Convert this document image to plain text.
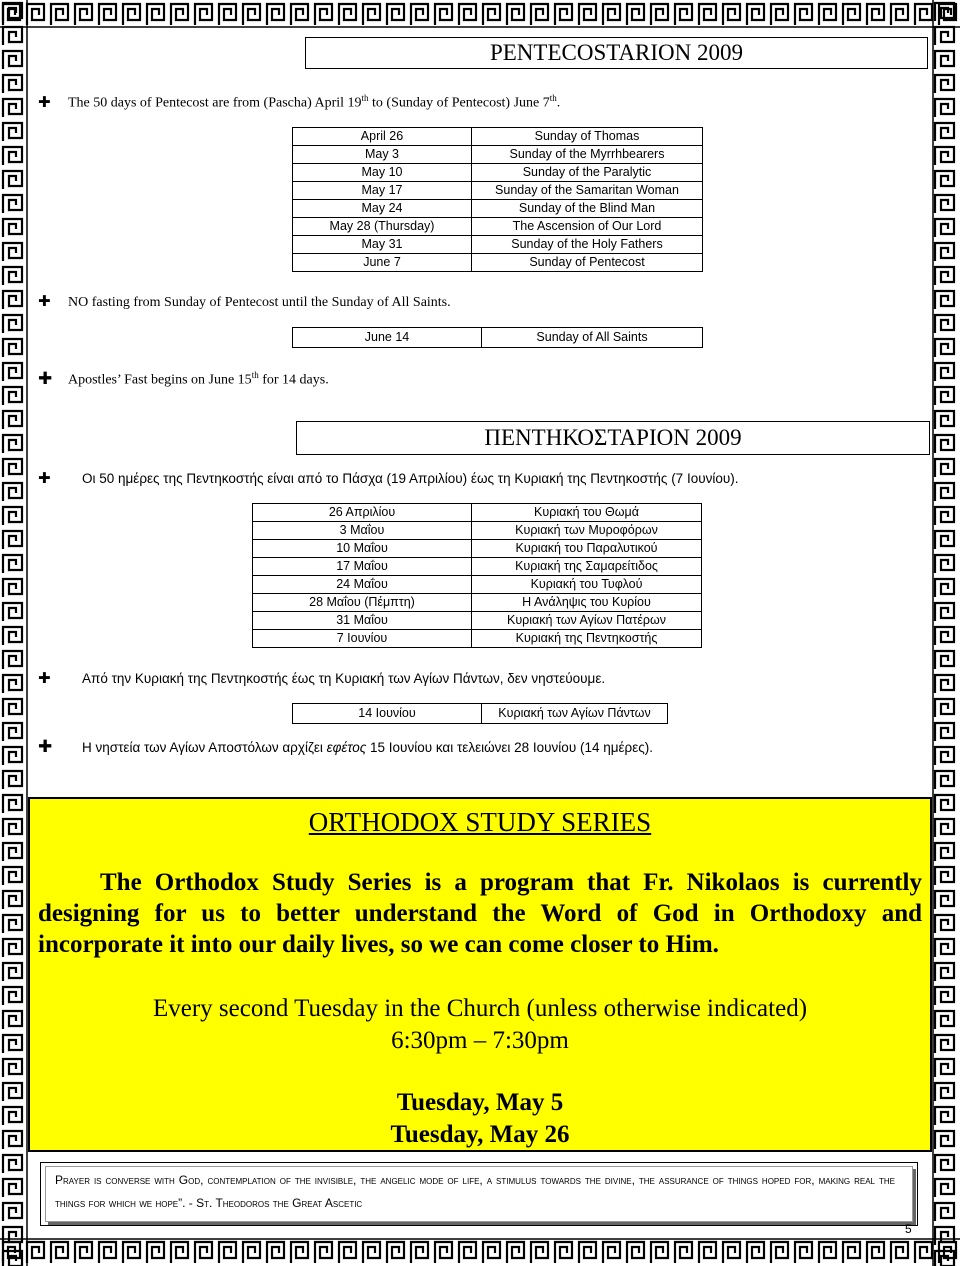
PENTECOSTARION 2009
✚ The 50 days of Pentecost are from (Pascha) April 19th to (Sunday of Pentecost) June 7th.
April 26	Sunday of Thomas
May 3	Sunday of the Myrrhbearers
May 10	Sunday of the Paralytic
May 17	Sunday of the Samaritan Woman
May 24	Sunday of the Blind Man
May 28 (Thursday)	The Ascension of Our Lord
May 31	Sunday of the Holy Fathers
June 7	Sunday of Pentecost
✚ NO fasting from Sunday of Pentecost until the Sunday of All Saints.
June 14	Sunday of All Saints
✚ Apostles’ Fast begins on June 15th for 14 days.
ΠΕΝΤΗΚΟΣΤΑΡΙΟΝ 2009
✚ Οι 50 ημέρες της Πεντηκοστής είναι από το Πάσχα (19 Απριλίου) έως τη Κυριακή της Πεντηκοστής (7 Ιουνίου).
26 Απριλίου	Κυριακή του Θωμά
3 Μαΐου	Κυριακή των Μυροφόρων
10 Μαΐου	Κυριακή του Παραλυτικού
17 Μαΐου	Κυριακή της Σαμαρείτιδος
24 Μαΐου	Κυριακή του Τυφλού
28 Μαΐου (Πέμπτη)	Η Ανάληψις του Κυρίου
31 Μαΐου	Κυριακή των Αγίων Πατέρων
7 Ιουνίου	Κυριακή της Πεντηκοστής
✚ Από την Κυριακή της Πεντηκοστής έως τη Κυριακή των Αγίων Πάντων, δεν νηστεύουμε.
14 Ιουνίου	Κυριακή των Αγίων Πάντων
✚ Η νηστεία των Αγίων Αποστόλων αρχίζει εφέτος 15 Ιουνίου και τελειώνει 28 Ιουνίου (14 ημέρες).
ORTHODOX STUDY SERIES
The Orthodox Study Series is a program that Fr. Nikolaos is currently designing for us to better understand the Word of God in Orthodoxy and incorporate it into our daily lives, so we can come closer to Him.
Every second Tuesday in the Church (unless otherwise indicated)
6:30pm – 7:30pm
Tuesday, May 5
Tuesday, May 26
Prayer is converse with God, contemplation of the invisible, the angelic mode of life, a stimulus towards the divine, the assurance of things hoped for, making real the things for which we hope”. - St. Theodoros the Great Ascetic
5
